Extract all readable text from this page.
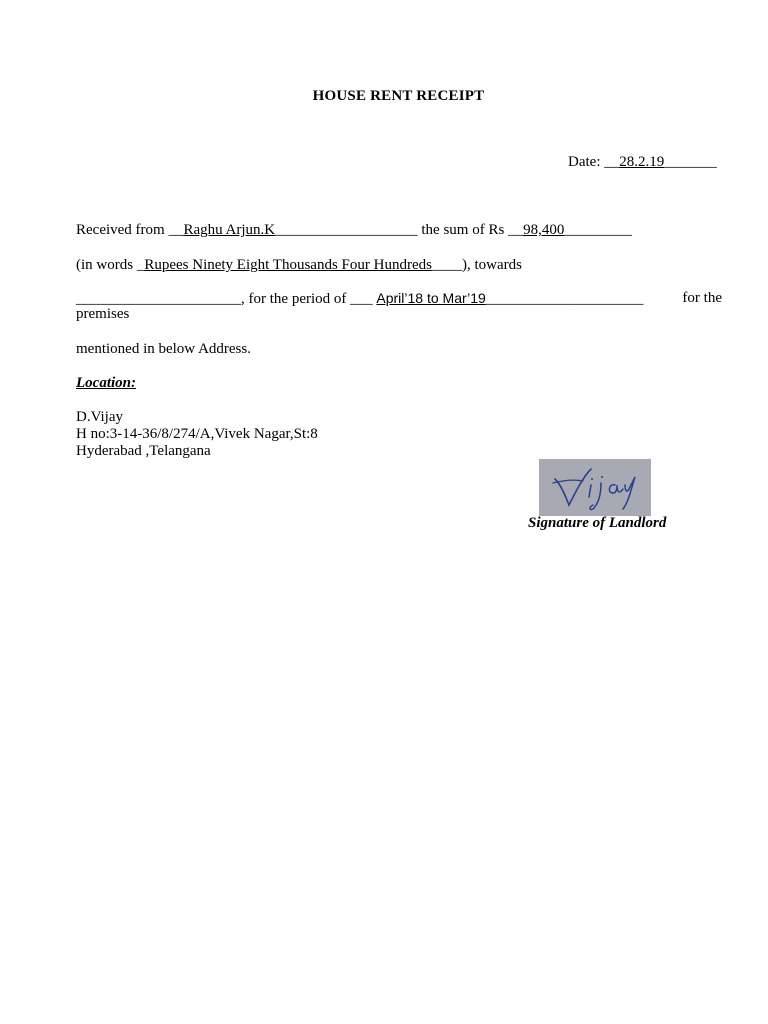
HOUSE RENT RECEIPT
Date: __28.2.19_______
Received from __Raghu Arjun.K___________________ the sum of Rs __98,400_________
(in words _Rupees Ninety Eight Thousands Four Hundreds____), towards
______________________, for the period of ___ April’18 to Mar’19_____________________	for the
premises
mentioned in below Address.
Location:
D.Vijay
H no:3-14-36/8/274/A,Vivek Nagar,St:8
Hyderabad ,Telangana
Signature of Landlord
